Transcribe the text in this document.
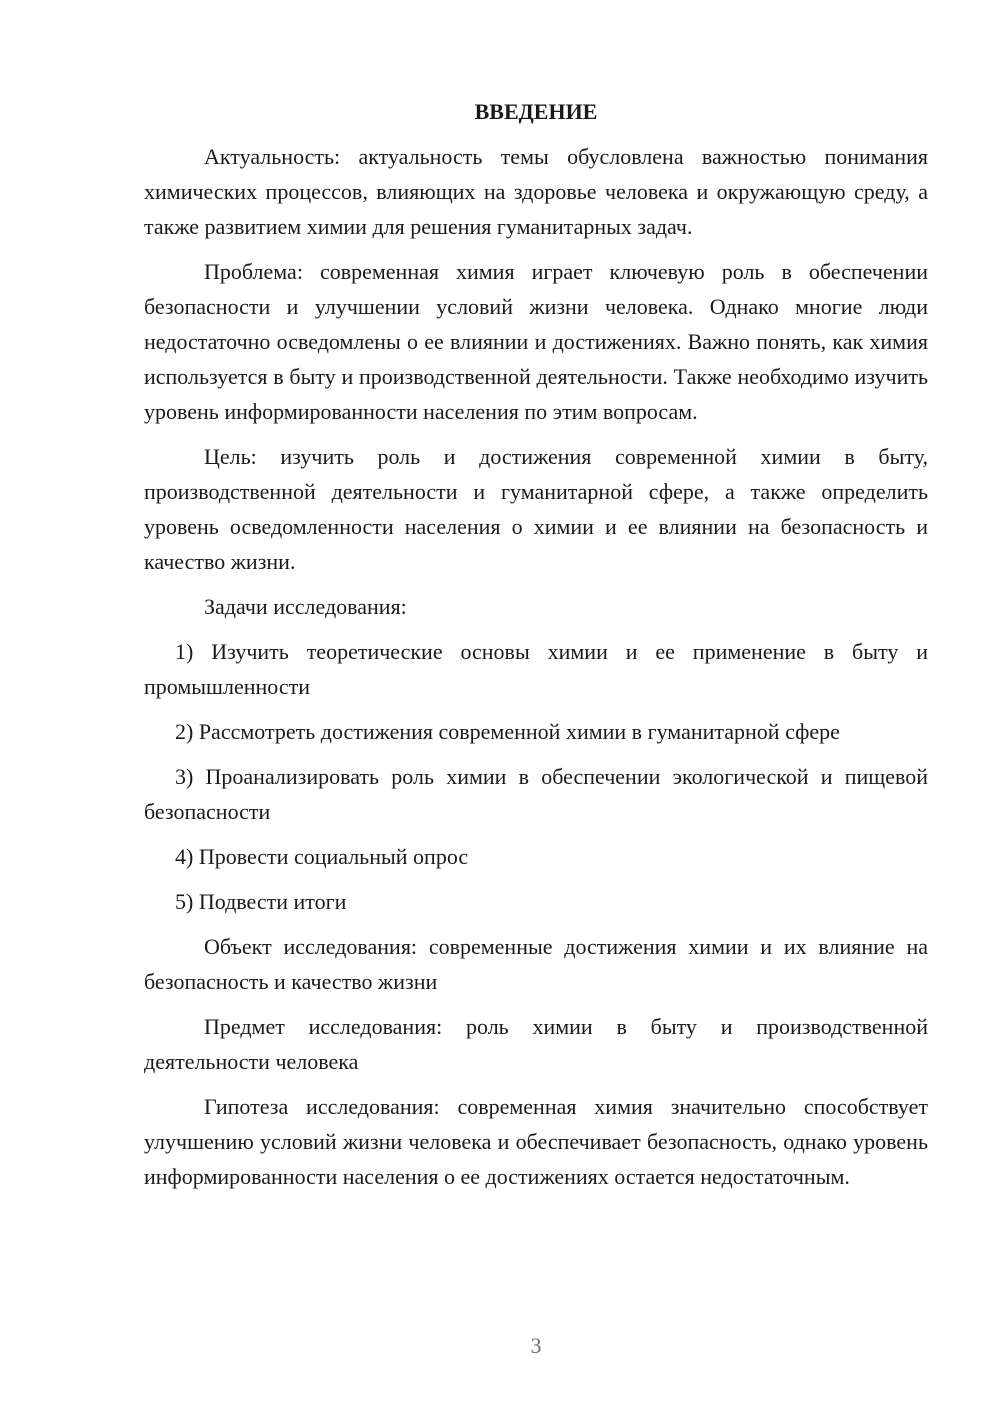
ВВЕДЕНИЕ

Актуальность: актуальность темы обусловлена важностью понимания химических процессов, влияющих на здоровье человека и окружающую среду, а также развитием химии для решения гуманитарных задач.

Проблема: современная химия играет ключевую роль в обеспечении безопасности и улучшении условий жизни человека. Однако многие люди недостаточно осведомлены о ее влиянии и достижениях. Важно понять, как химия используется в быту и производственной деятельности. Также необходимо изучить уровень информированности населения по этим вопросам.

Цель: изучить роль и достижения современной химии в быту, производственной деятельности и гуманитарной сфере, а также определить уровень осведомленности населения о химии и ее влиянии на безопасность и качество жизни.

Задачи исследования:

1) Изучить теоретические основы химии и ее применение в быту и промышленности

2) Рассмотреть достижения современной химии в гуманитарной сфере

3) Проанализировать роль химии в обеспечении экологической и пищевой безопасности

4) Провести социальный опрос

5) Подвести итоги

Объект исследования: современные достижения химии и их влияние на безопасность и качество жизни

Предмет исследования: роль химии в быту и производственной деятельности человека

Гипотеза исследования: современная химия значительно способствует улучшению условий жизни человека и обеспечивает безопасность, однако уровень информированности населения о ее достижениях остается недостаточным.

3
